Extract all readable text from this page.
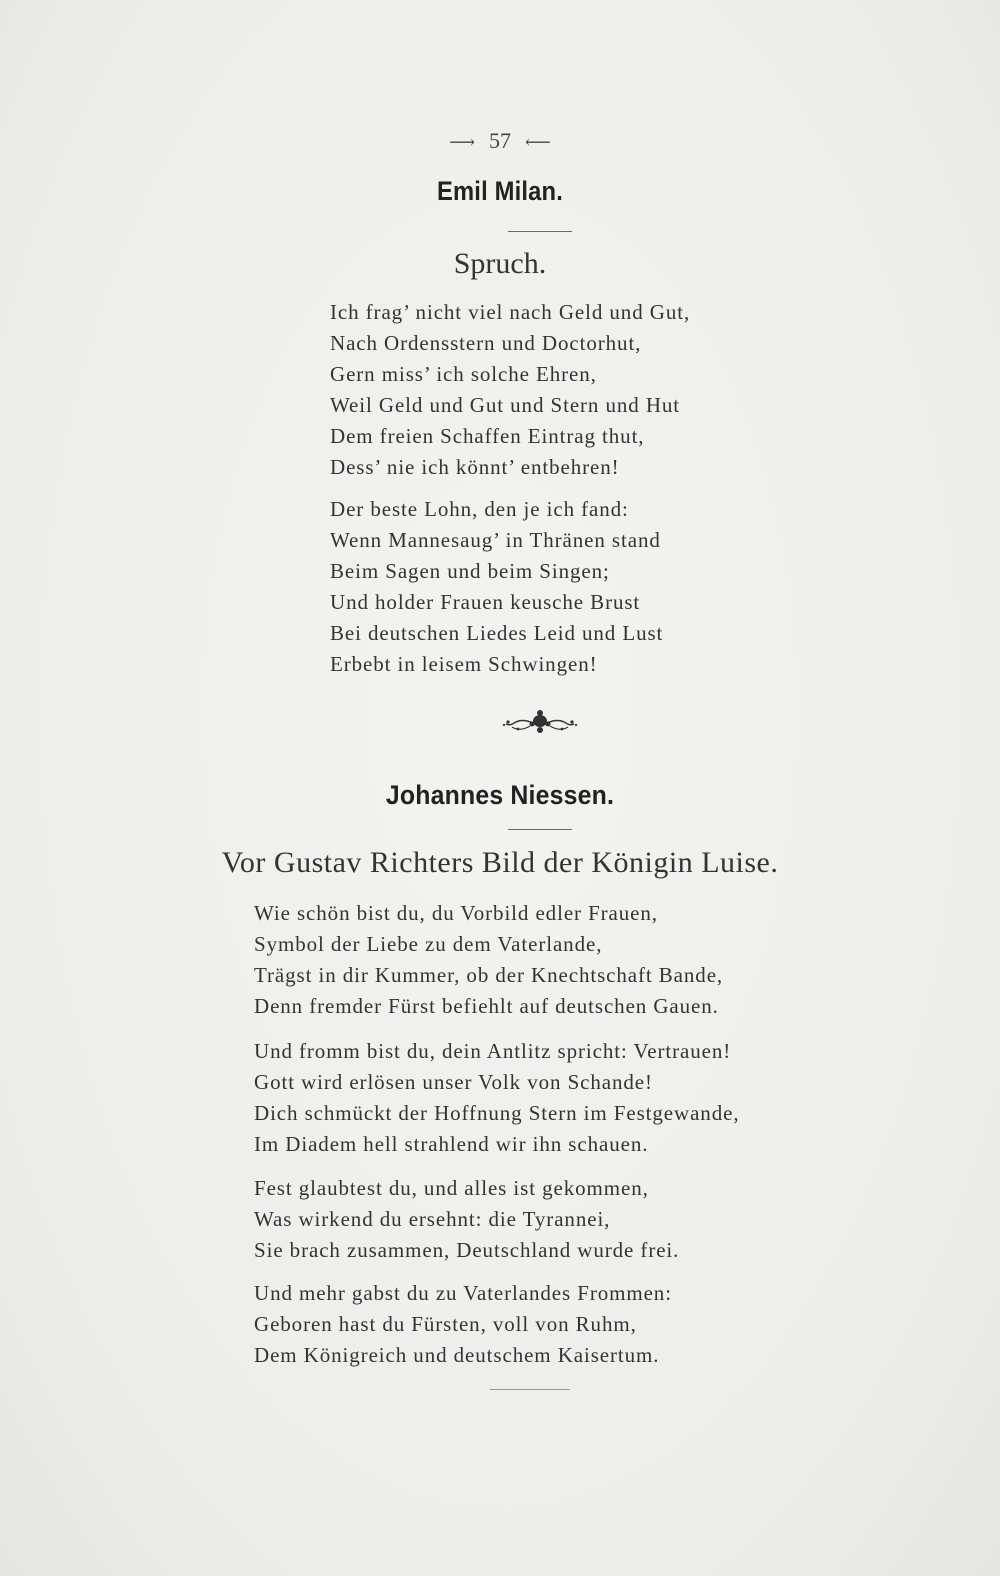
⟶ 57 ⟵
Emil Milan.
Spruch.
Ich frag’ nicht viel nach Geld und Gut,
Nach Ordensstern und Doctorhut,
Gern miss’ ich solche Ehren,
Weil Geld und Gut und Stern und Hut
Dem freien Schaffen Eintrag thut,
Dess’ nie ich könnt’ entbehren!
Der beste Lohn, den je ich fand:
Wenn Mannesaug’ in Thränen stand
Beim Sagen und beim Singen;
Und holder Frauen keusche Brust
Bei deutschen Liedes Leid und Lust
Erbebt in leisem Schwingen!
Johannes Niessen.
Vor Gustav Richters Bild der Königin Luise.
Wie schön bist du, du Vorbild edler Frauen,
Symbol der Liebe zu dem Vaterlande,
Trägst in dir Kummer, ob der Knechtschaft Bande,
Denn fremder Fürst befiehlt auf deutschen Gauen.
Und fromm bist du, dein Antlitz spricht: Vertrauen!
Gott wird erlösen unser Volk von Schande!
Dich schmückt der Hoffnung Stern im Festgewande,
Im Diadem hell strahlend wir ihn schauen.
Fest glaubtest du, und alles ist gekommen,
Was wirkend du ersehnt: die Tyrannei,
Sie brach zusammen, Deutschland wurde frei.
Und mehr gabst du zu Vaterlandes Frommen:
Geboren hast du Fürsten, voll von Ruhm,
Dem Königreich und deutschem Kaisertum.
